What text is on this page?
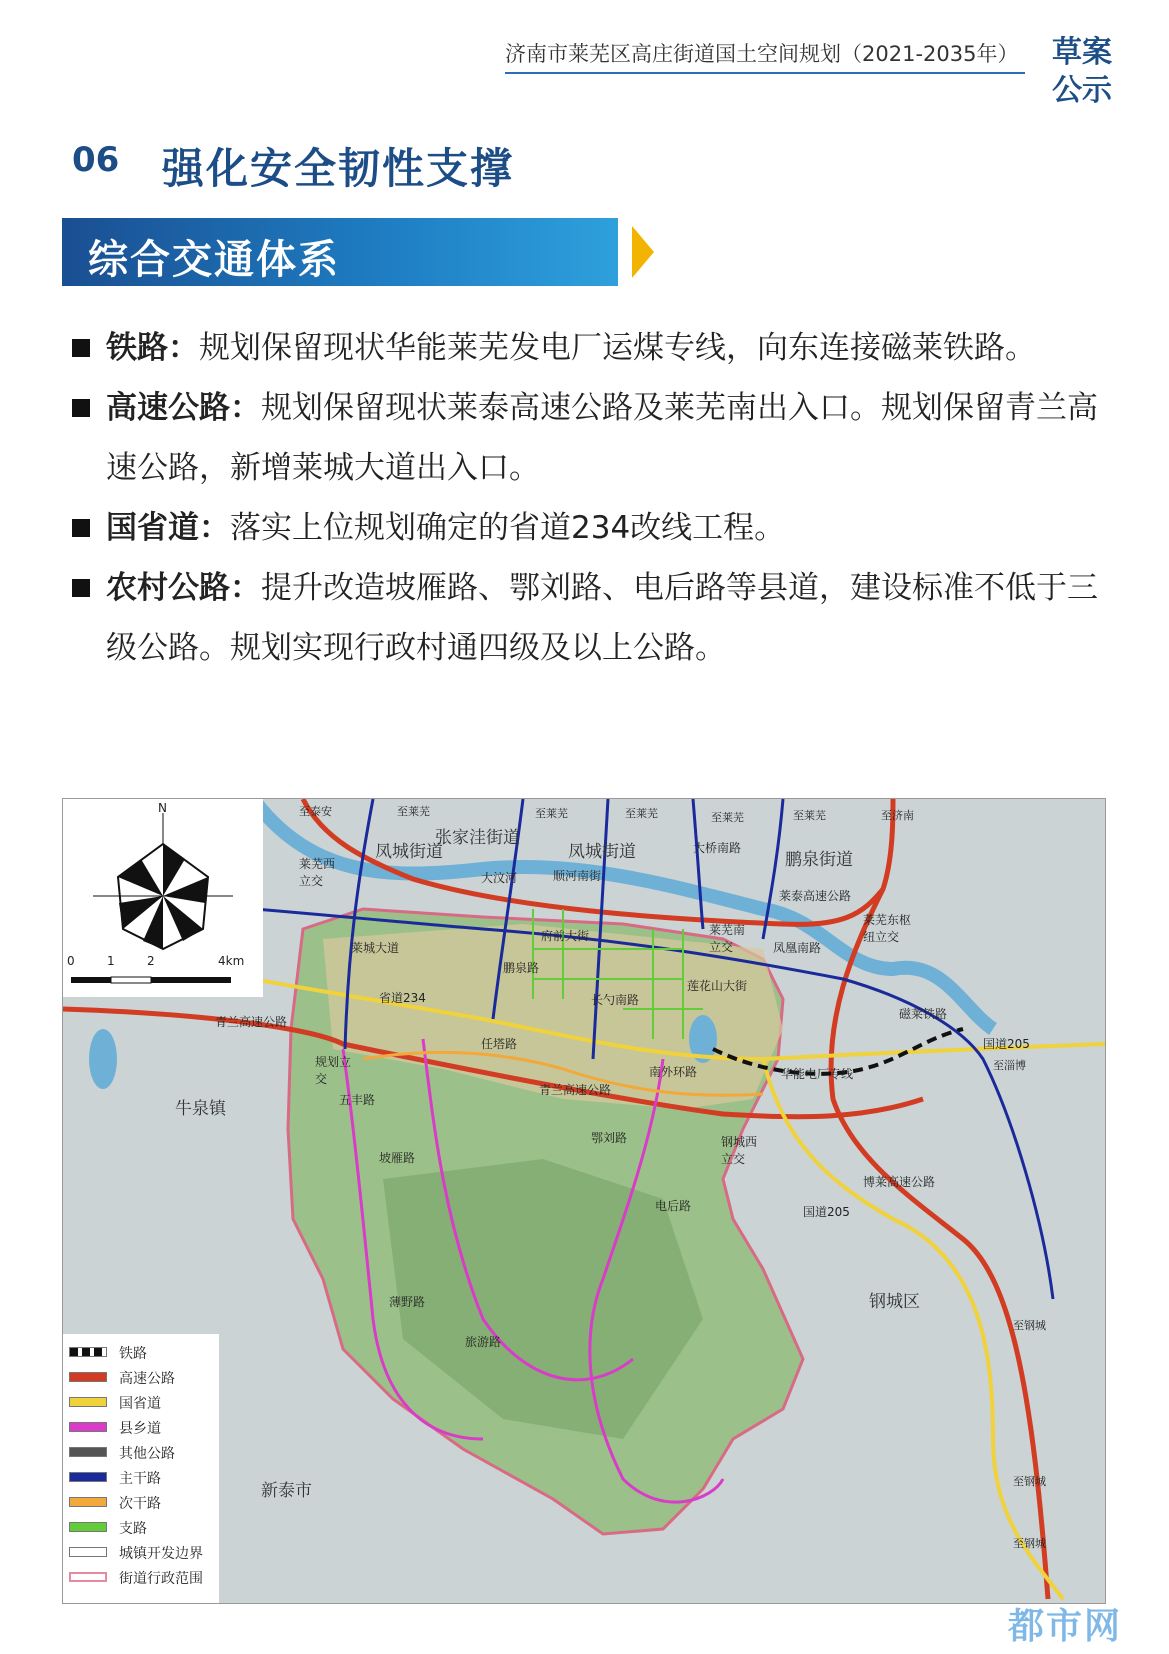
济南市莱芜区高庄街道国土空间规划（2021-2035年）	草案
公示
06 强化安全韧性支撑
综合交通体系
铁路：规划保留现状华能莱芜发电厂运煤专线，向东连接磁莱铁路。
高速公路：规划保留现状莱泰高速公路及莱芜南出入口。规划保留青兰高速公路，新增莱城大道出入口。
国省道：落实上位规划确定的省道234改线工程。
农村公路：提升改造坡雁路、鄂刘路、电后路等县道，建设标准不低于三级公路。规划实现行政村通四级及以上公路。
N
0	1	2	4km
凤城街道
张家洼街道
凤城街道	鹏泉街道
牛泉镇
钢城区
新泰市
莱芜西立交
莱城大道
顺河南街
府前大街
鹏泉路
长勺南路
大桥南路
莱泰高速公路
莱芜东枢纽立交
莱芜南立交	凤凰南路
莲花山大街
省道234
青兰高速公路
任塔路
规划立交
五丰路
南外环路
青兰高速公路
华能电厂专线
钢城西立交
坡雁路
鄂刘路
电后路
磁莱铁路
国道205
国道205
博莱高速公路
薄野路
旅游路
大汶河
至泰安	至莱芜	至莱芜	至莱芜	至莱芜	至莱芜	至济南
至淄博
至钢城
至钢城
至钢城
铁路
高速公路
国省道
县乡道
其他公路
主干路
次干路
支路
城镇开发边界
街道行政范围
都市网
